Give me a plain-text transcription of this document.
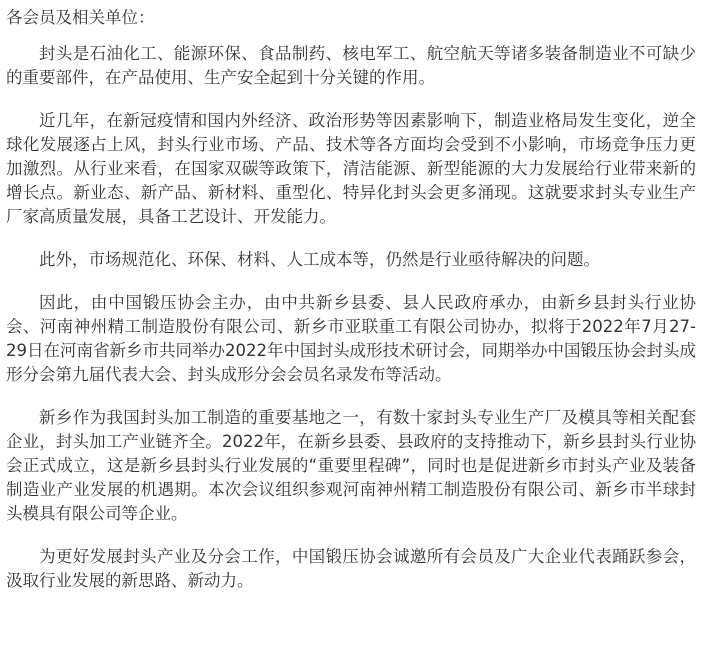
各会员及相关单位：

封头是石油化工、能源环保、食品制药、核电军工、航空航天等诸多装备制造业不可缺少的重要部件，在产品使用、生产安全起到十分关键的作用。

近几年，在新冠疫情和国内外经济、政治形势等因素影响下，制造业格局发生变化，逆全球化发展逐占上风，封头行业市场、产品、技术等各方面均会受到不小影响，市场竞争压力更加激烈。从行业来看，在国家双碳等政策下，清洁能源、新型能源的大力发展给行业带来新的增长点。新业态、新产品、新材料、重型化、特异化封头会更多涌现。这就要求封头专业生产厂家高质量发展，具备工艺设计、开发能力。

此外，市场规范化、环保、材料、人工成本等，仍然是行业亟待解决的问题。

因此，由中国锻压协会主办，由中共新乡县委、县人民政府承办，由新乡县封头行业协会、河南神州精工制造股份有限公司、新乡市亚联重工有限公司协办，拟将于2022年7月27-29日在河南省新乡市共同举办2022年中国封头成形技术研讨会，同期举办中国锻压协会封头成形分会第九届代表大会、封头成形分会会员名录发布等活动。

新乡作为我国封头加工制造的重要基地之一，有数十家封头专业生产厂及模具等相关配套企业，封头加工产业链齐全。2022年，在新乡县委、县政府的支持推动下，新乡县封头行业协会正式成立，这是新乡县封头行业发展的“重要里程碑”，同时也是促进新乡市封头产业及装备制造业产业发展的机遇期。本次会议组织参观河南神州精工制造股份有限公司、新乡市半球封头模具有限公司等企业。

为更好发展封头产业及分会工作，中国锻压协会诚邀所有会员及广大企业代表踊跃参会，汲取行业发展的新思路、新动力。
